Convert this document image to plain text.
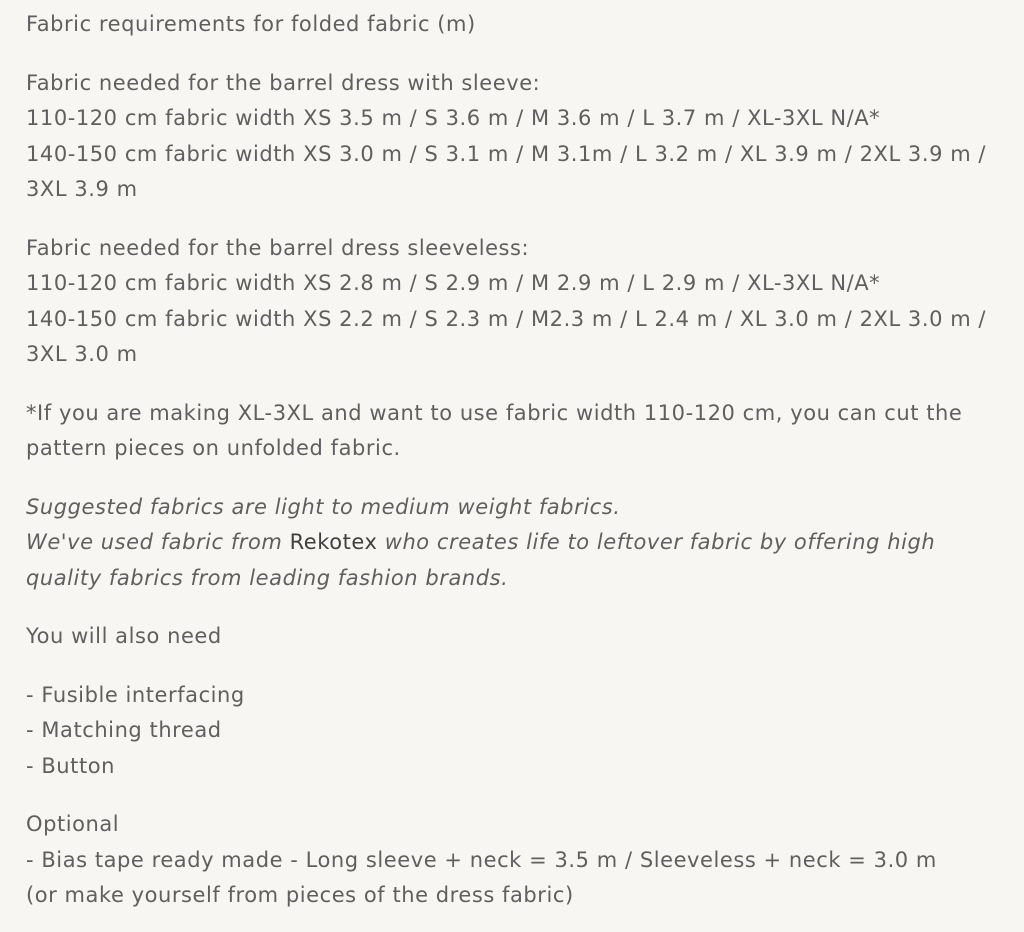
Fabric requirements for folded fabric (m)

Fabric needed for the barrel dress with sleeve:
110-120 cm fabric width XS 3.5 m / S 3.6 m / M 3.6 m / L 3.7 m / XL-3XL N/A*
140-150 cm fabric width XS 3.0 m / S 3.1 m / M 3.1m / L 3.2 m / XL 3.9 m / 2XL 3.9 m / 3XL 3.9 m

Fabric needed for the barrel dress sleeveless:
110-120 cm fabric width XS 2.8 m / S 2.9 m / M 2.9 m / L 2.9 m / XL-3XL N/A*
140-150 cm fabric width XS 2.2 m / S 2.3 m / M2.3 m / L 2.4 m / XL 3.0 m / 2XL 3.0 m / 3XL 3.0 m

*If you are making XL-3XL and want to use fabric width 110-120 cm, you can cut the pattern pieces on unfolded fabric.

Suggested fabrics are light to medium weight fabrics.
We've used fabric from Rekotex who creates life to leftover fabric by offering high quality fabrics from leading fashion brands.

You will also need

- Fusible interfacing
- Matching thread
- Button

Optional
- Bias tape ready made - Long sleeve + neck = 3.5 m / Sleeveless + neck = 3.0 m
(or make yourself from pieces of the dress fabric)
